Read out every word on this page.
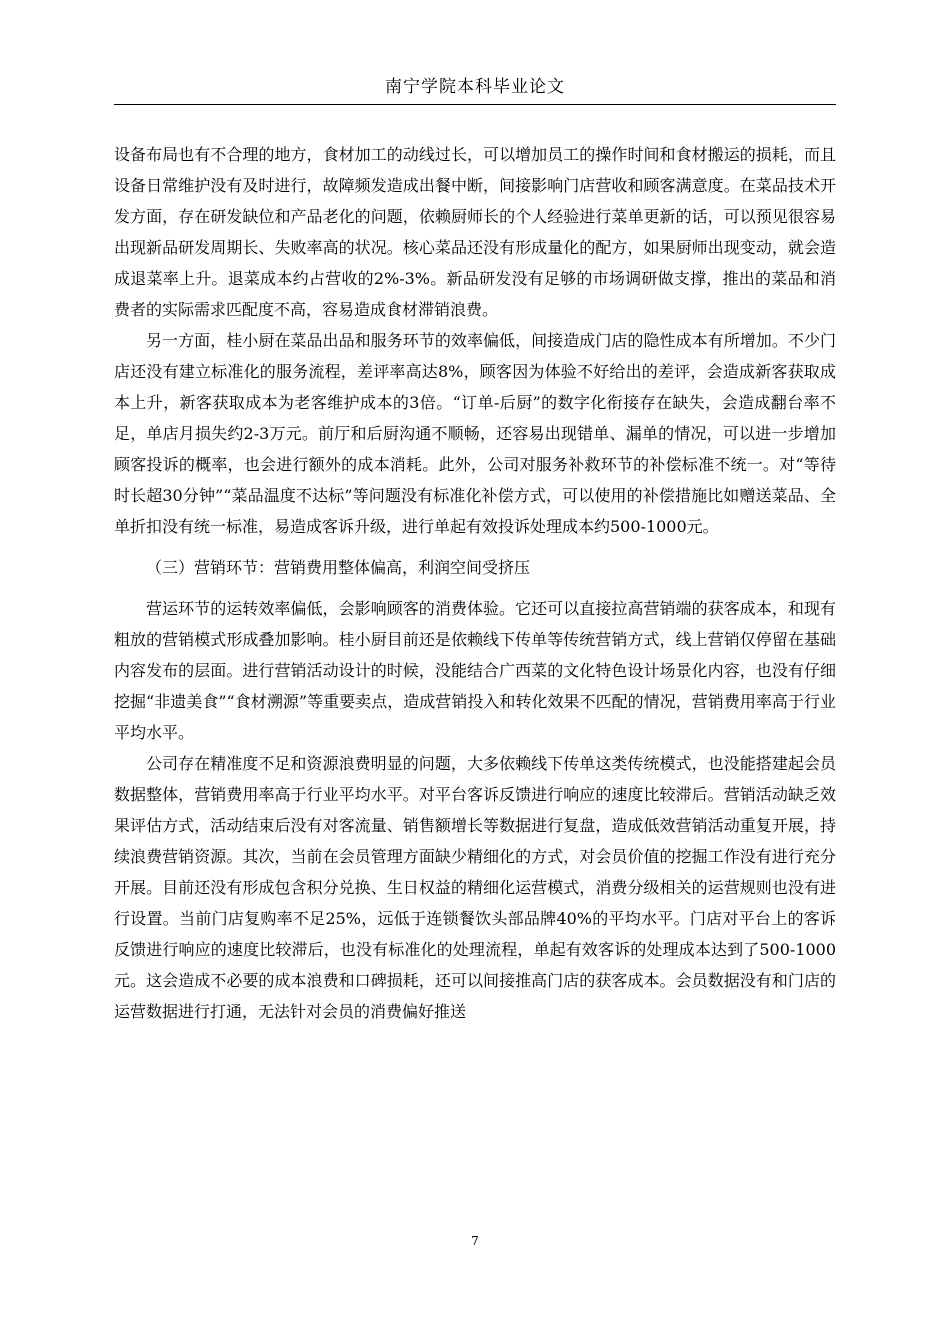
南宁学院本科毕业论文

设备布局也有不合理的地方，食材加工的动线过长，可以增加员工的操作时间和食材搬运的损耗，而且设备日常维护没有及时进行，故障频发造成出餐中断，间接影响门店营收和顾客满意度。在菜品技术开发方面，存在研发缺位和产品老化的问题，依赖厨师长的个人经验进行菜单更新的话，可以预见很容易出现新品研发周期长、失败率高的状况。核心菜品还没有形成量化的配方，如果厨师出现变动，就会造成退菜率上升。退菜成本约占营收的2%-3%。新品研发没有足够的市场调研做支撑，推出的菜品和消费者的实际需求匹配度不高，容易造成食材滞销浪费。

另一方面，桂小厨在菜品出品和服务环节的效率偏低，间接造成门店的隐性成本有所增加。不少门店还没有建立标准化的服务流程，差评率高达8%，顾客因为体验不好给出的差评，会造成新客获取成本上升，新客获取成本为老客维护成本的3倍。“订单-后厨”的数字化衔接存在缺失，会造成翻台率不足，单店月损失约2-3万元。前厅和后厨沟通不顺畅，还容易出现错单、漏单的情况，可以进一步增加顾客投诉的概率，也会进行额外的成本消耗。此外，公司对服务补救环节的补偿标准不统一。对“等待时长超30分钟”“菜品温度不达标”等问题没有标准化补偿方式，可以使用的补偿措施比如赠送菜品、全单折扣没有统一标准，易造成客诉升级，进行单起有效投诉处理成本约500-1000元。

（三）营销环节：营销费用整体偏高，利润空间受挤压

营运环节的运转效率偏低，会影响顾客的消费体验。它还可以直接拉高营销端的获客成本，和现有粗放的营销模式形成叠加影响。桂小厨目前还是依赖线下传单等传统营销方式，线上营销仅停留在基础内容发布的层面。进行营销活动设计的时候，没能结合广西菜的文化特色设计场景化内容，也没有仔细挖掘“非遗美食”“食材溯源”等重要卖点，造成营销投入和转化效果不匹配的情况，营销费用率高于行业平均水平。

公司存在精准度不足和资源浪费明显的问题，大多依赖线下传单这类传统模式，也没能搭建起会员数据整体，营销费用率高于行业平均水平。对平台客诉反馈进行响应的速度比较滞后。营销活动缺乏效果评估方式，活动结束后没有对客流量、销售额增长等数据进行复盘，造成低效营销活动重复开展，持续浪费营销资源。其次，当前在会员管理方面缺少精细化的方式，对会员价值的挖掘工作没有进行充分开展。目前还没有形成包含积分兑换、生日权益的精细化运营模式，消费分级相关的运营规则也没有进行设置。当前门店复购率不足25%，远低于连锁餐饮头部品牌40%的平均水平。门店对平台上的客诉反馈进行响应的速度比较滞后，也没有标准化的处理流程，单起有效客诉的处理成本达到了500-1000元。这会造成不必要的成本浪费和口碑损耗，还可以间接推高门店的获客成本。会员数据没有和门店的运营数据进行打通，无法针对会员的消费偏好推送

7
